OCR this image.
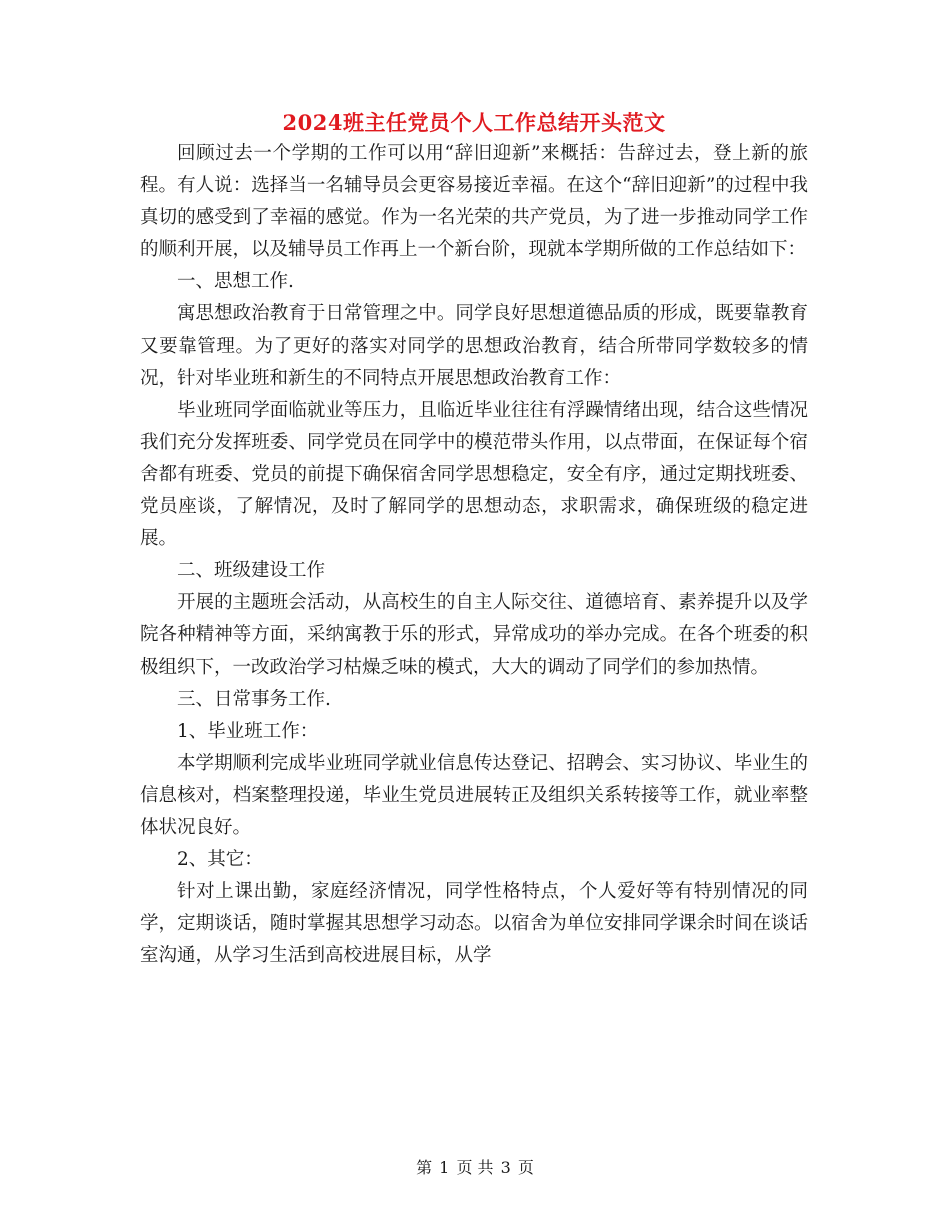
2024班主任党员个人工作总结开头范文

回顾过去一个学期的工作可以用“辞旧迎新”来概括：告辞过去，登上新的旅程。有人说：选择当一名辅导员会更容易接近幸福。在这个“辞旧迎新”的过程中我真切的感受到了幸福的感觉。作为一名光荣的共产党员，为了进一步推动同学工作的顺利开展，以及辅导员工作再上一个新台阶，现就本学期所做的工作总结如下：

一、思想工作.

寓思想政治教育于日常管理之中。同学良好思想道德品质的形成，既要靠教育又要靠管理。为了更好的落实对同学的思想政治教育，结合所带同学数较多的情况，针对毕业班和新生的不同特点开展思想政治教育工作：

毕业班同学面临就业等压力，且临近毕业往往有浮躁情绪出现，结合这些情况我们充分发挥班委、同学党员在同学中的模范带头作用，以点带面，在保证每个宿舍都有班委、党员的前提下确保宿舍同学思想稳定，安全有序，通过定期找班委、党员座谈，了解情况，及时了解同学的思想动态，求职需求，确保班级的稳定进展。

二、班级建设工作

开展的主题班会活动，从高校生的自主人际交往、道德培育、素养提升以及学院各种精神等方面，采纳寓教于乐的形式，异常成功的举办完成。在各个班委的积极组织下，一改政治学习枯燥乏味的模式，大大的调动了同学们的参加热情。

三、日常事务工作.

1、毕业班工作：

本学期顺利完成毕业班同学就业信息传达登记、招聘会、实习协议、毕业生的信息核对，档案整理投递，毕业生党员进展转正及组织关系转接等工作，就业率整体状况良好。

2、其它：

针对上课出勤，家庭经济情况，同学性格特点，个人爱好等有特别情况的同学，定期谈话，随时掌握其思想学习动态。以宿舍为单位安排同学课余时间在谈话室沟通，从学习生活到高校进展目标，从学

第 1 页 共 3 页
